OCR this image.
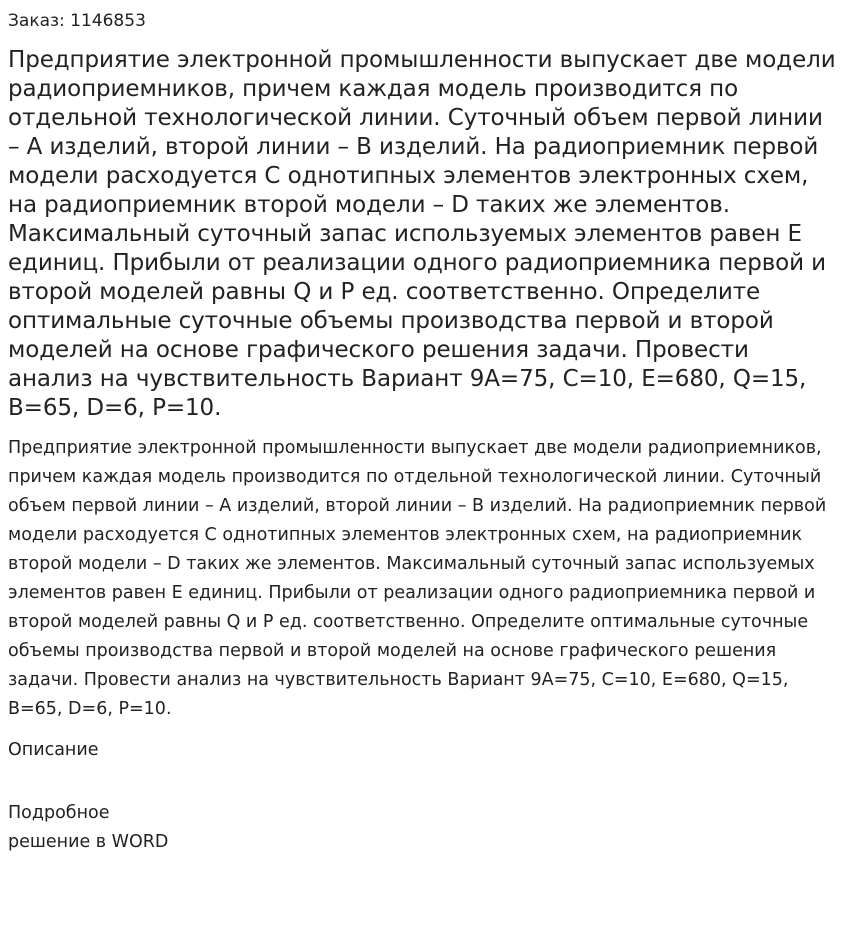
Заказ: 1146853
Предприятие электронной промышленности выпускает две модели радиоприемников, причем каждая модель производится по отдельной технологической линии. Суточный объем первой линии – А изделий, второй линии – В изделий. На радиоприемник первой модели расходуется С однотипных элементов электронных схем, на радиоприемник второй модели – D таких же элементов. Максимальный суточный запас используемых элементов равен Е единиц. Прибыли от реализации одного радиоприемника первой и второй моделей равны Q и Р ед. соответственно. Определите оптимальные суточные объемы производства первой и второй моделей на основе графического решения задачи. Провести анализ на чувствительность Вариант 9А=75, С=10, Е=680, Q=15, В=65, D=6, Р=10.

Предприятие электронной промышленности выпускает две модели радиоприемников, причем каждая модель производится по отдельной технологической линии. Суточный объем первой линии – А изделий, второй линии – В изделий. На радиоприемник первой модели расходуется С однотипных элементов электронных схем, на радиоприемник второй модели – D таких же элементов. Максимальный суточный запас используемых элементов равен Е единиц. Прибыли от реализации одного радиоприемника первой и второй моделей равны Q и Р ед. соответственно. Определите оптимальные суточные объемы производства первой и второй моделей на основе графического решения задачи. Провести анализ на чувствительность Вариант 9А=75, С=10, Е=680, Q=15, В=65, D=6, Р=10.

Описание

Подробное
решение в WORD
